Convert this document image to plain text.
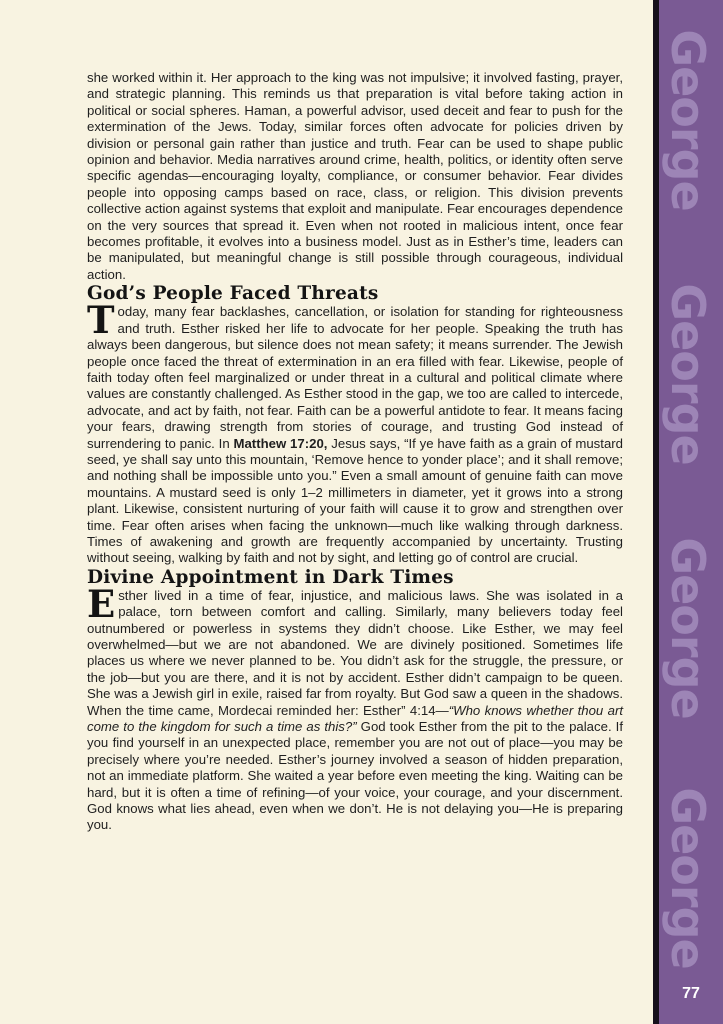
George
George
George
George
77

she worked within it. Her approach to the king was not impulsive; it involved fasting, prayer, and strategic planning. This reminds us that preparation is vital before taking action in political or social spheres. Haman, a powerful advisor, used deceit and fear to push for the extermination of the Jews. Today, similar forces often advocate for policies driven by division or personal gain rather than justice and truth. Fear can be used to shape public opinion and behavior. Media narratives around crime, health, politics, or identity often serve specific agendas—encouraging loyalty, compliance, or consumer behavior. Fear divides people into opposing camps based on race, class, or religion. This division prevents collective action against systems that exploit and manipulate. Fear encourages dependence on the very sources that spread it. Even when not rooted in malicious intent, once fear becomes profitable, it evolves into a business model. Just as in Esther’s time, leaders can be manipulated, but meaningful change is still possible through courageous, individual action.

God’s People Faced Threats

Today, many fear backlashes, cancellation, or isolation for standing for righteousness and truth. Esther risked her life to advocate for her people. Speaking the truth has always been dangerous, but silence does not mean safety; it means surrender. The Jewish people once faced the threat of extermination in an era filled with fear. Likewise, people of faith today often feel marginalized or under threat in a cultural and political climate where values are constantly challenged. As Esther stood in the gap, we too are called to intercede, advocate, and act by faith, not fear. Faith can be a powerful antidote to fear. It means facing your fears, drawing strength from stories of courage, and trusting God instead of surrendering to panic. In Matthew 17:20, Jesus says, “If ye have faith as a grain of mustard seed, ye shall say unto this mountain, ‘Remove hence to yonder place’; and it shall remove; and nothing shall be impossible unto you.” Even a small amount of genuine faith can move mountains. A mustard seed is only 1–2 millimeters in diameter, yet it grows into a strong plant. Likewise, consistent nurturing of your faith will cause it to grow and strengthen over time. Fear often arises when facing the unknown—much like walking through darkness. Times of awakening and growth are frequently accompanied by uncertainty. Trusting without seeing, walking by faith and not by sight, and letting go of control are crucial.

Divine Appointment in Dark Times

Esther lived in a time of fear, injustice, and malicious laws. She was isolated in a palace, torn between comfort and calling. Similarly, many believers today feel outnumbered or powerless in systems they didn’t choose. Like Esther, we may feel overwhelmed—but we are not abandoned. We are divinely positioned. Sometimes life places us where we never planned to be. You didn’t ask for the struggle, the pressure, or the job—but you are there, and it is not by accident. Esther didn’t campaign to be queen. She was a Jewish girl in exile, raised far from royalty. But God saw a queen in the shadows. When the time came, Mordecai reminded her: Esther” 4:14—“Who knows whether thou art come to the kingdom for such a time as this?” God took Esther from the pit to the palace. If you find yourself in an unexpected place, remember you are not out of place—you may be precisely where you’re needed. Esther’s journey involved a season of hidden preparation, not an immediate platform. She waited a year before even meeting the king. Waiting can be hard, but it is often a time of refining—of your voice, your courage, and your discernment. God knows what lies ahead, even when we don’t. He is not delaying you—He is preparing you.
